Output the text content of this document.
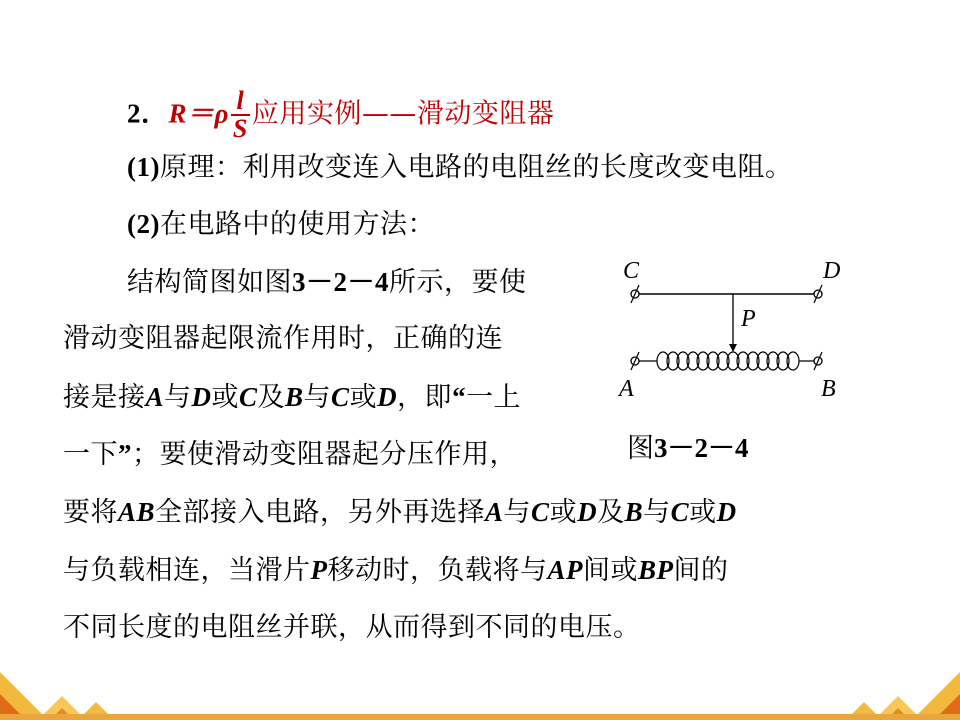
2．$R=\rho \frac{l}{S}$ 应用实例——滑动变阻器
(1)原理：利用改变连入电路的电阻丝的长度改变电阻。
(2)在电路中的使用方法：
结构简图如图3－2－4所示，要使
滑动变阻器起限流作用时，正确的连
接是接A与D或C及B与C或D，即“一上
一下”；要使滑动变阻器起分压作用，
要将AB全部接入电路，另外再选择A与C或D及B与C或D
与负载相连，当滑片P移动时，负载将与AP间或BP间的
不同长度的电阻丝并联，从而得到不同的电压。
C	D
P
A	B
图3－2－4
